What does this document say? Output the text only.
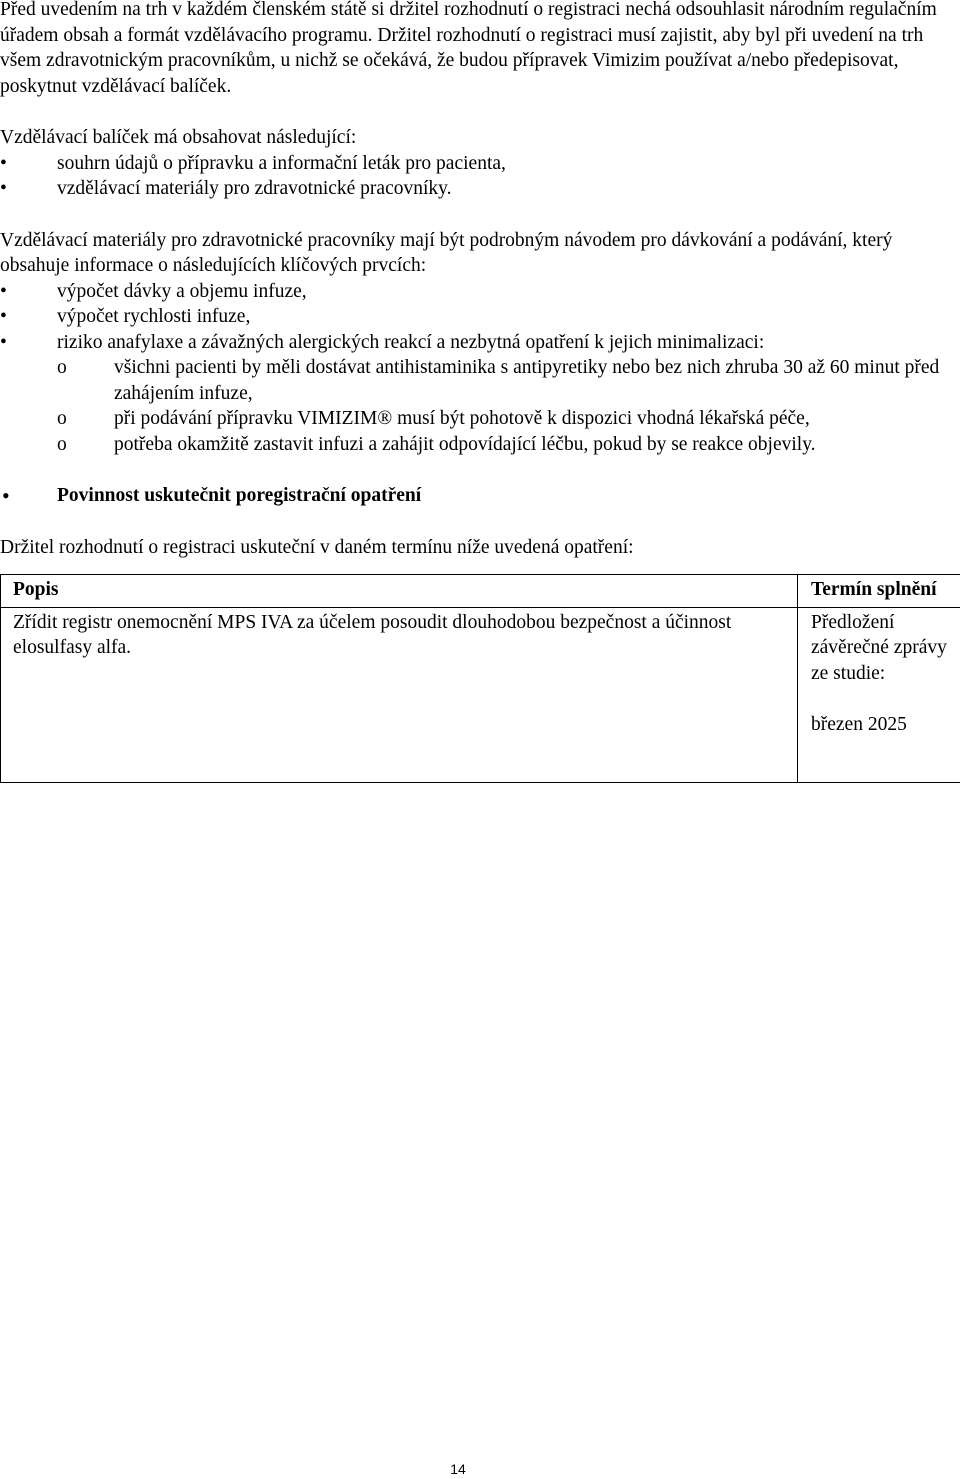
Před uvedením na trh v každém členském státě si držitel rozhodnutí o registraci nechá odsouhlasit národním regulačním úřadem obsah a formát vzdělávacího programu. Držitel rozhodnutí o registraci musí zajistit, aby byl při uvedení na trh všem zdravotnickým pracovníkům, u nichž se očekává, že budou přípravek Vimizim používat a/nebo předepisovat, poskytnut vzdělávací balíček.

Vzdělávací balíček má obsahovat následující:

•	souhrn údajů o přípravku a informační leták pro pacienta,
•	vzdělávací materiály pro zdravotnické pracovníky.

Vzdělávací materiály pro zdravotnické pracovníky mají být podrobným návodem pro dávkování a podávání, který obsahuje informace o následujících klíčových prvcích:

•	výpočet dávky a objemu infuze,
•	výpočet rychlosti infuze,
•	riziko anafylaxe a závažných alergických reakcí a nezbytná opatření k jejich minimalizaci:
o všichni pacienti by měli dostávat antihistaminika s antipyretiky nebo bez nich zhruba 30 až 60 minut před zahájením infuze,
o při podávání přípravku VIMIZIM® musí být pohotově k dispozici vhodná lékařská péče,
o potřeba okamžitě zastavit infuzi a zahájit odpovídající léčbu, pokud by se reakce objevily.
• Povinnost uskutečnit poregistrační opatření

Držitel rozhodnutí o registraci uskuteční v daném termínu níže uvedená opatření:

Popis	Termín splnění
Zřídit registr onemocnění MPS IVA za účelem posoudit dlouhodobou bezpečnost a účinnost elosulfasy alfa.	Předložení závěrečné zprávy ze studie:
březen 2025
14
